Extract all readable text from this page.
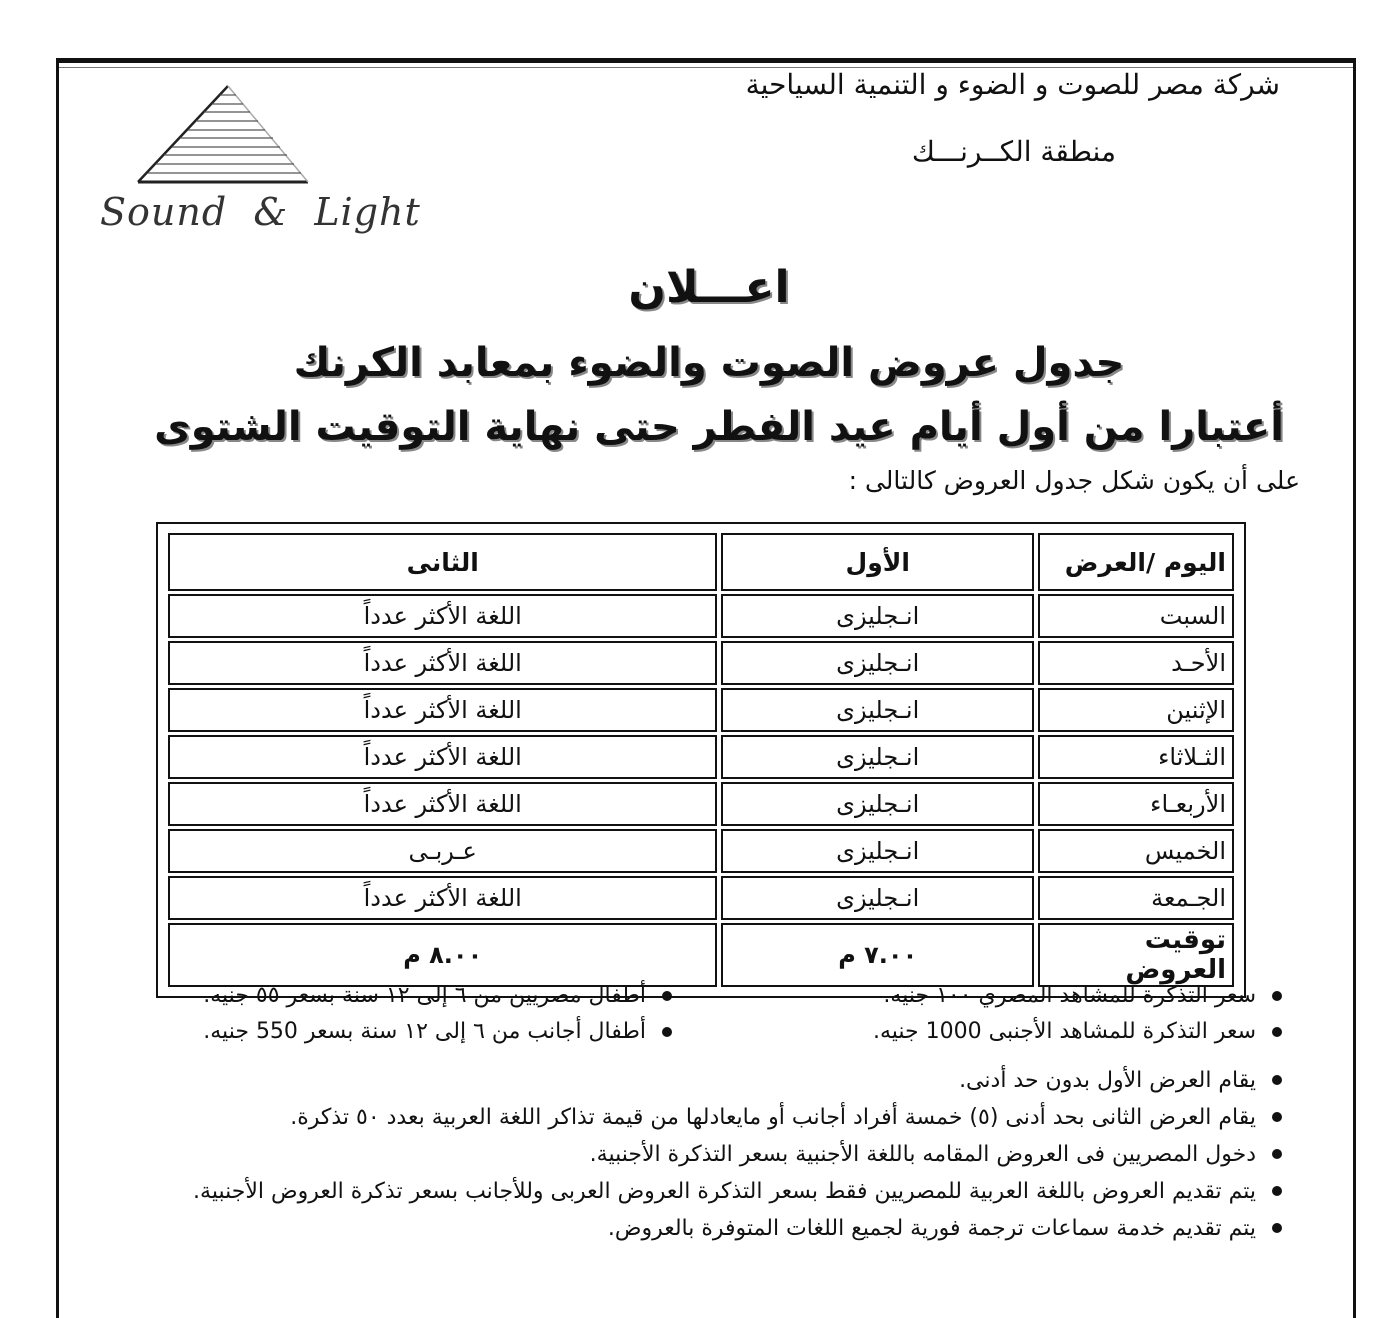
Sound  &  Light
شركة مصر للصوت و الضوء و التنمية السياحية
منطقة الكــرنـــك
اعـــلان
جدول عروض الصوت والضوء بمعابد الكرنك
أعتبارا من أول أيام عيد الفطر حتى نهاية التوقيت الشتوى
على أن يكون شكل جدول العروض كالتالى :
اليوم /العرض	الأول	الثانى
السبت	انـجليزى	اللغة الأكثر عدداً
الأحـد	انـجليزى	اللغة الأكثر عدداً
الإثنين	انـجليزى	اللغة الأكثر عدداً
الثـلاثاء	انـجليزى	اللغة الأكثر عدداً
الأربعـاء	انـجليزى	اللغة الأكثر عدداً
الخميس	انـجليزى	عـربـى
الجـمعة	انـجليزى	اللغة الأكثر عدداً
توقيت العروض	٧.٠٠ م	٨.٠٠ م
سعر التذكرة للمشاهد المصري ١٠٠ جنيه.
سعر التذكرة للمشاهد الأجنبى 1000 جنيه.
أطفال مصريين من ٦ إلى ١٢ سنة بسعر ٥٥ جنيه.
أطفال أجانب من ٦ إلى ١٢ سنة بسعر 550 جنيه.
يقام العرض الأول بدون حد أدنى.
يقام العرض الثانى بحد أدنى (٥) خمسة أفراد أجانب أو مايعادلها من قيمة تذاكر اللغة العربية بعدد ٥٠ تذكرة.
دخول المصريين فى العروض المقامه باللغة الأجنبية بسعر التذكرة الأجنبية.
يتم تقديم العروض باللغة العربية للمصريين فقط بسعر التذكرة العروض العربى وللأجانب بسعر تذكرة العروض الأجنبية.
يتم تقديم خدمة سماعات ترجمة فورية لجميع اللغات المتوفرة بالعروض.
